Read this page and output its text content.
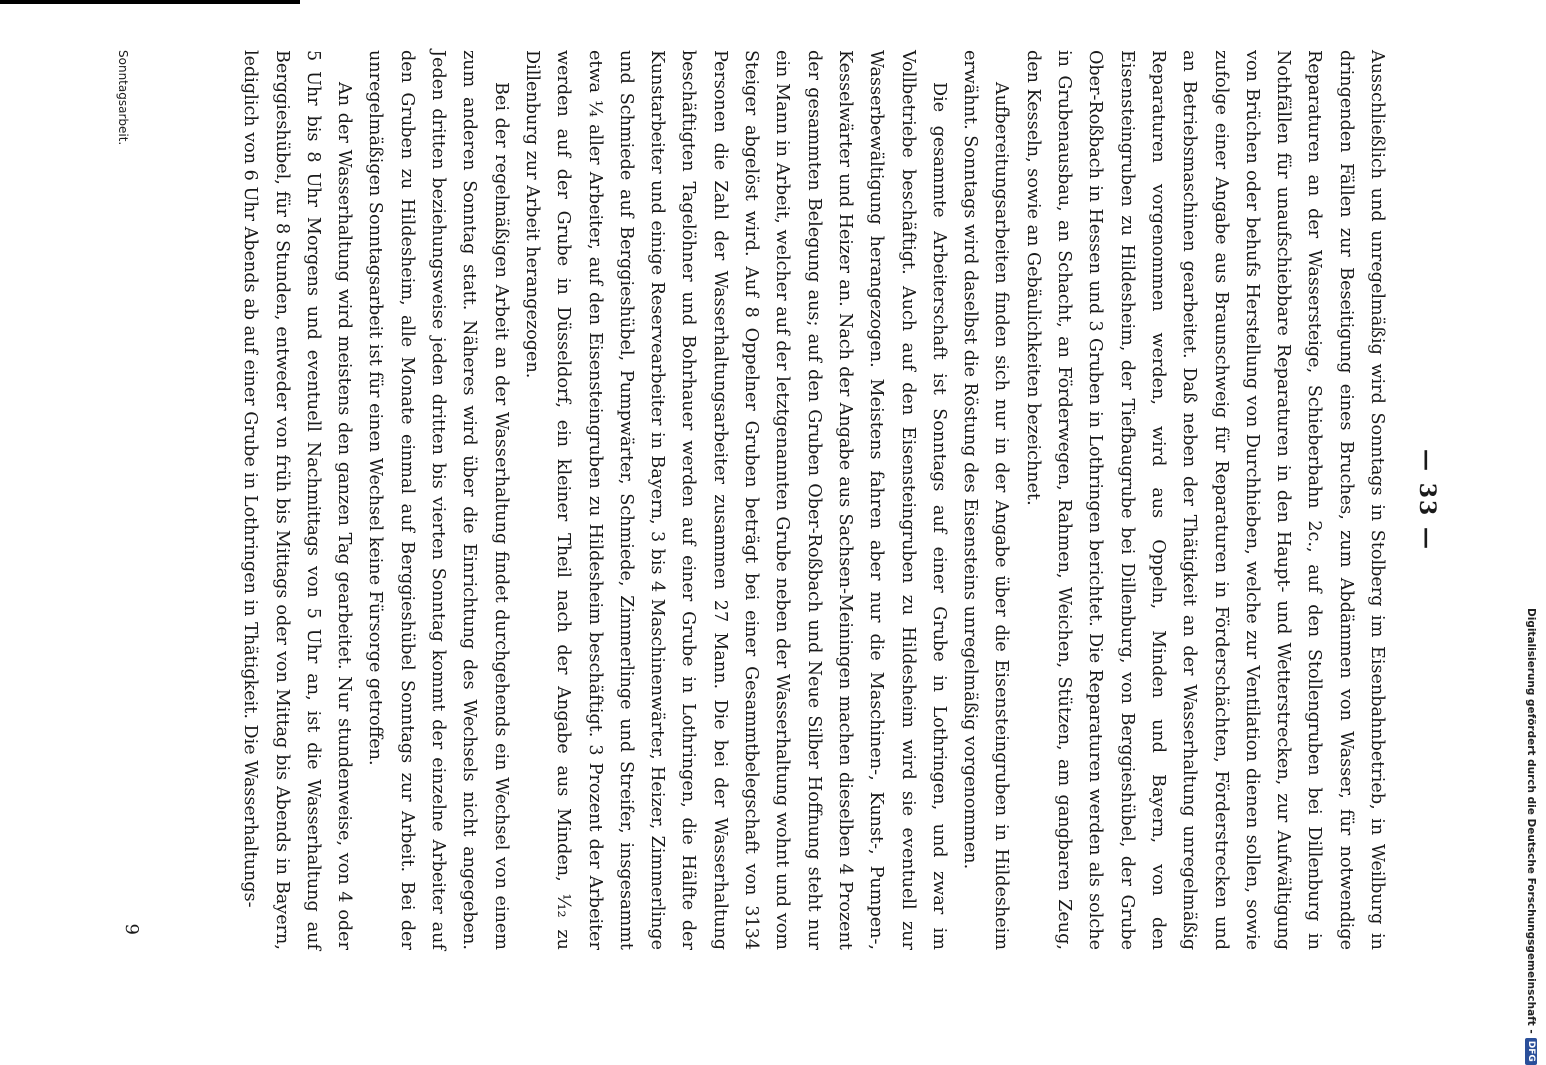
— 33 —

Ausschließlich und unregelmäßig wird Sonntags in Stolberg im Eisenbahnbetrieb, in Weilburg in dringenden Fällen zur Beseitigung eines Bruches, zum Abdämmen von Wasser, für notwendige Reparaturen an der Wassersteige, Schieberbahn 2c., auf den Stollengruben bei Dillenburg in Nothfällen für unaufschiebbare Reparaturen in den Haupt- und Wetterstrecken, zur Aufwältigung von Brüchen oder behufs Herstellung von Durchhieben, welche zur Ventilation dienen sollen, sowie zufolge einer Angabe aus Braunschweig für Reparaturen in Förderschächten, Förderstrecken und an Betriebsmaschinen gearbeitet. Daß neben der Thätigkeit an der Wasserhaltung unregelmäßig Reparaturen vorgenommen werden, wird aus Oppeln, Minden und Bayern, von den Eisensteingruben zu Hildesheim, der Tiefbaugrube bei Dillenburg, von Berggieshübel, der Grube Ober-Roßbach in Hessen und 3 Gruben in Lothringen berichtet. Die Reparaturen werden als solche in Grubenausbau, an Schacht, an Förderwegen, Rahmen, Weichen, Stützen, am gangbaren Zeug, den Kesseln, sowie an Gebäulichkeiten bezeichnet.

Aufbereitungsarbeiten finden sich nur in der Angabe über die Eisensteingruben in Hildesheim erwähnt. Sonntags wird daselbst die Röstung des Eisensteins unregelmäßig vorgenommen.

Die gesammte Arbeiterschaft ist Sonntags auf einer Grube in Lothringen, und zwar im Vollbetriebe beschäftigt. Auch auf den Eisensteingruben zu Hildesheim wird sie eventuell zur Wasserbewältigung herangezogen. Meistens fahren aber nur die Maschinen-, Kunst-, Pumpen-, Kesselwärter und Heizer an. Nach der Angabe aus Sachsen-Meiningen machen dieselben 4 Prozent der gesammten Belegung aus; auf den Gruben Ober-Roßbach und Neue Silber Hoffnung steht nur ein Mann in Arbeit, welcher auf der letztgenannten Grube neben der Wasserhaltung wohnt und vom Steiger abgelöst wird. Auf 8 Oppelner Gruben beträgt bei einer Gesammtbelegschaft von 3134 Personen die Zahl der Wasserhaltungsarbeiter zusammen 27 Mann. Die bei der Wasserhaltung beschäftigten Tagelöhner und Bohrhauer werden auf einer Grube in Lothringen, die Hälfte der Kunstarbeiter und einige Reservearbeiter in Bayern, 3 bis 4 Maschinenwärter, Heizer, Zimmerlinge und Schmiede auf Berggieshübel, Pumpwärter, Schmiede, Zimmerlinge und Streifer, insgesammt etwa ¼ aller Arbeiter, auf den Eisensteingruben zu Hildesheim beschäftigt. 3 Prozent der Arbeiter werden auf der Grube in Düsseldorf, ein kleiner Theil nach der Angabe aus Minden, ¹⁄₁₂ zu Dillenburg zur Arbeit herangezogen.

Bei der regelmäßigen Arbeit an der Wasserhaltung findet durchgehends ein Wechsel von einem zum anderen Sonntag statt. Näheres wird über die Einrichtung des Wechsels nicht angegeben. Jeden dritten beziehungsweise jeden dritten bis vierten Sonntag kommt der einzelne Arbeiter auf den Gruben zu Hildesheim, alle Monate einmal auf Berggieshübel Sonntags zur Arbeit. Bei der unregelmäßigen Sonntagsarbeit ist für einen Wechsel keine Fürsorge getroffen.

An der Wasserhaltung wird meistens den ganzen Tag gearbeitet. Nur stundenweise, von 4 oder 5 Uhr bis 8 Uhr Morgens und eventuell Nachmittags von 5 Uhr an, ist die Wasserhaltung auf Berggieshübel, für 8 Stunden, entweder von früh bis Mittags oder von Mittag bis Abends in Bayern, lediglich von 6 Uhr Abends ab auf einer Grube in Lothringen in Thätigkeit. Die Wasserhaltungs-

Sonntagsarbeit.
9	Digitalisierung gefördert durch die Deutsche Forschungsgemeinschaft -
DFG
